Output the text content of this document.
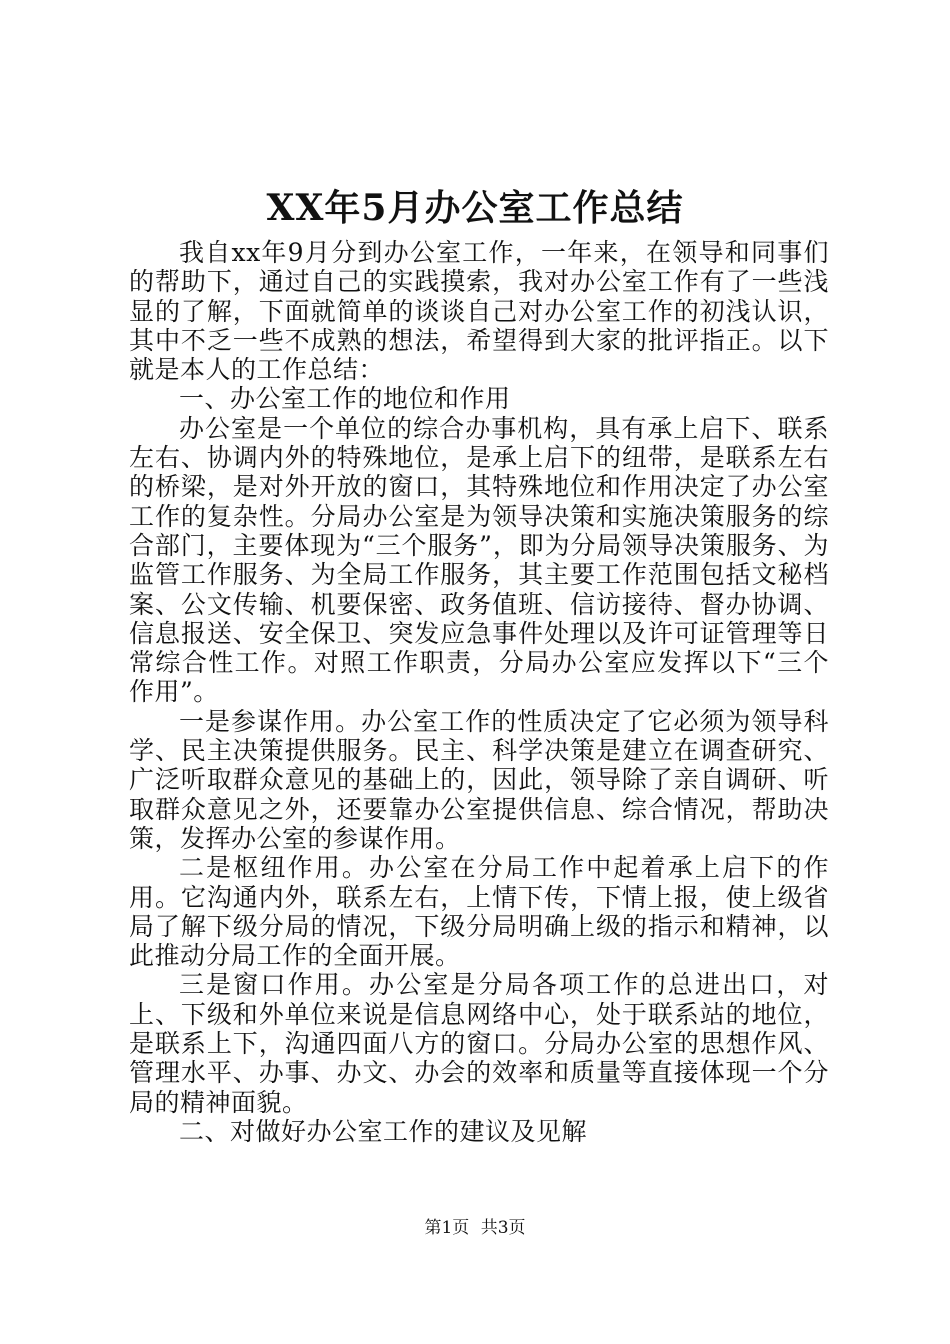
XX年5月办公室工作总结

我自xx年9月分到办公室工作，一年来，在领导和同事们的帮助下，通过自己的实践摸索，我对办公室工作有了一些浅显的了解，下面就简单的谈谈自己对办公室工作的初浅认识，其中不乏一些不成熟的想法，希望得到大家的批评指正。以下就是本人的工作总结：

一、办公室工作的地位和作用

办公室是一个单位的综合办事机构，具有承上启下、联系左右、协调内外的特殊地位，是承上启下的纽带，是联系左右的桥梁，是对外开放的窗口，其特殊地位和作用决定了办公室工作的复杂性。分局办公室是为领导决策和实施决策服务的综合部门，主要体现为“三个服务”，即为分局领导决策服务、为监管工作服务、为全局工作服务，其主要工作范围包括文秘档案、公文传输、机要保密、政务值班、信访接待、督办协调、信息报送、安全保卫、突发应急事件处理以及许可证管理等日常综合性工作。对照工作职责，分局办公室应发挥以下“三个作用”。

一是参谋作用。办公室工作的性质决定了它必须为领导科学、民主决策提供服务。民主、科学决策是建立在调查研究、广泛听取群众意见的基础上的，因此，领导除了亲自调研、听取群众意见之外，还要靠办公室提供信息、综合情况，帮助决策，发挥办公室的参谋作用。

二是枢纽作用。办公室在分局工作中起着承上启下的作用。它沟通内外，联系左右，上情下传，下情上报，使上级省局了解下级分局的情况，下级分局明确上级的指示和精神，以此推动分局工作的全面开展。

三是窗口作用。办公室是分局各项工作的总进出口，对上、下级和外单位来说是信息网络中心，处于联系站的地位，是联系上下，沟通四面八方的窗口。分局办公室的思想作风、管理水平、办事、办文、办会的效率和质量等直接体现一个分局的精神面貌。

二、对做好办公室工作的建议及见解

第1页 共3页
